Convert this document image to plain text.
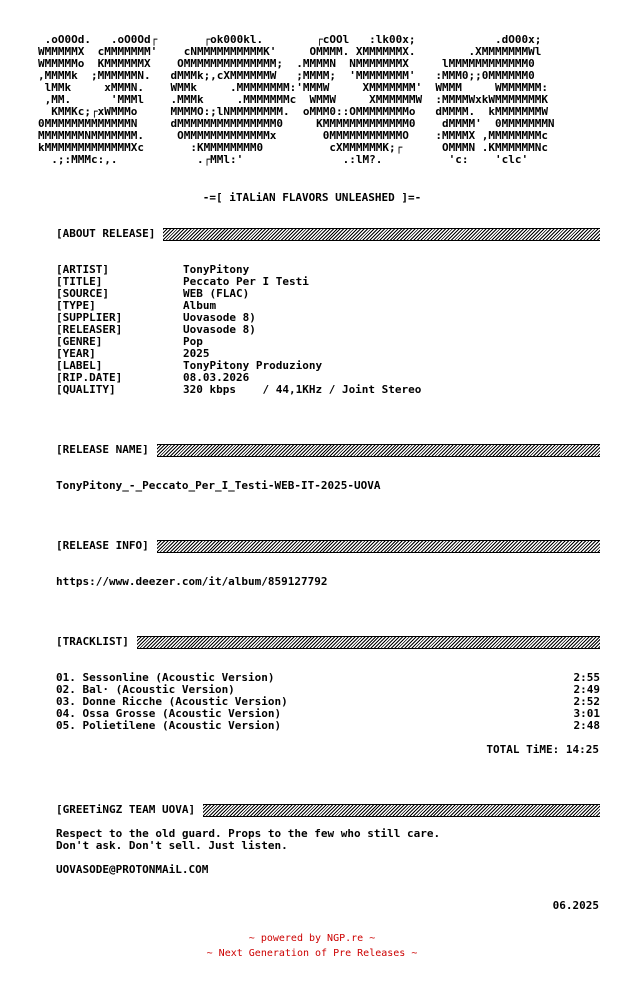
.oO0Od.   .oO0Od┌       ┌ok000kl.        ┌cOOl   :lk00x;            .dO00x;
WMMMMMX  cMMMMMMM'    cNMMMMMMMMMMK'     OMMMM. XMMMMMMX.        .XMMMMMMMWl
WMMMMMo  KMMMMMMX    OMMMMMMMMMMMMMM;  .MMMMN  NMMMMMMMX     lMMMMMMMMMMMM0
,MMMMk  ;MMMMMMN.   dMMMk;,cXMMMMMMW   ;MMMM;  'MMMMMMMM'   :MMM0;;0MMMMMM0
lMMk     xMMMN.    WMMk     .MMMMMMMM:'MMMW     XMMMMMMM'  WMMM     WMMMMMM:
,MM.      'MMMl    .MMMk     .MMMMMMMc  WMMW     XMMMMMMW  :MMMMWxkWMMMMMMMK
KMMKc;┌xWMMMo     MMMMO:;lNMMMMMMMM.  oMMM0::OMMMMMMMMo   dMMMM.  kMMMMMMMW
0MMMMMMMMMMMMMN     dMMMMMMMMMMMMMMM0     KMMMMMMMMMMMMM0    dMMMM'  0MMMMMMMN
MMMMMMMNMMMMMMM.     OMMMMMMMMMMMMMx       0MMMMMMMMMMMO    :MMMMX ,MMMMMMMMc
kMMMMMMMMMMMMMXc       :KMMMMMMMM0          cXMMMMMMK;┌      OMMMN .KMMMMMMNc
.;:MMMc:,.            .┌MMl:'               .:lM?.          'c:    'clc'
-=[ iTALiAN FLAVORS UNLEASHED ]=-
[ABOUT RELEASE]
[ARTIST]	TonyPitony
[TITLE]	Peccato Per I Testi
[SOURCE]	WEB (FLAC)
[TYPE]	Album
[SUPPLIER]	Uovasode 8)
[RELEASER]	Uovasode 8)
[GENRE]	Pop
[YEAR]	2025
[LABEL]	TonyPitony Produziony
[RIP.DATE]	08.03.2026
[QUALITY]	320 kbps    / 44,1KHz / Joint Stereo
[RELEASE NAME]
TonyPitony_-_Peccato_Per_I_Testi-WEB-IT-2025-UOVA
[RELEASE INFO]
https://www.deezer.com/it/album/859127792
[TRACKLIST]
01. Sessonline (Acoustic Version)	2:55
02. Bal· (Acoustic Version)	2:49
03. Donne Ricche (Acoustic Version)	2:52
04. Ossa Grosse (Acoustic Version)	3:01
05. Polietilene (Acoustic Version)	2:48
TOTAL TiME: 14:25
[GREETiNGZ TEAM UOVA]
Respect to the old guard. Props to the few who still care.
Don't ask. Don't sell. Just listen.
UOVASODE@PROTONMAiL.COM
06.2025
~ powered by NGP.re ~
~ Next Generation of Pre Releases ~
